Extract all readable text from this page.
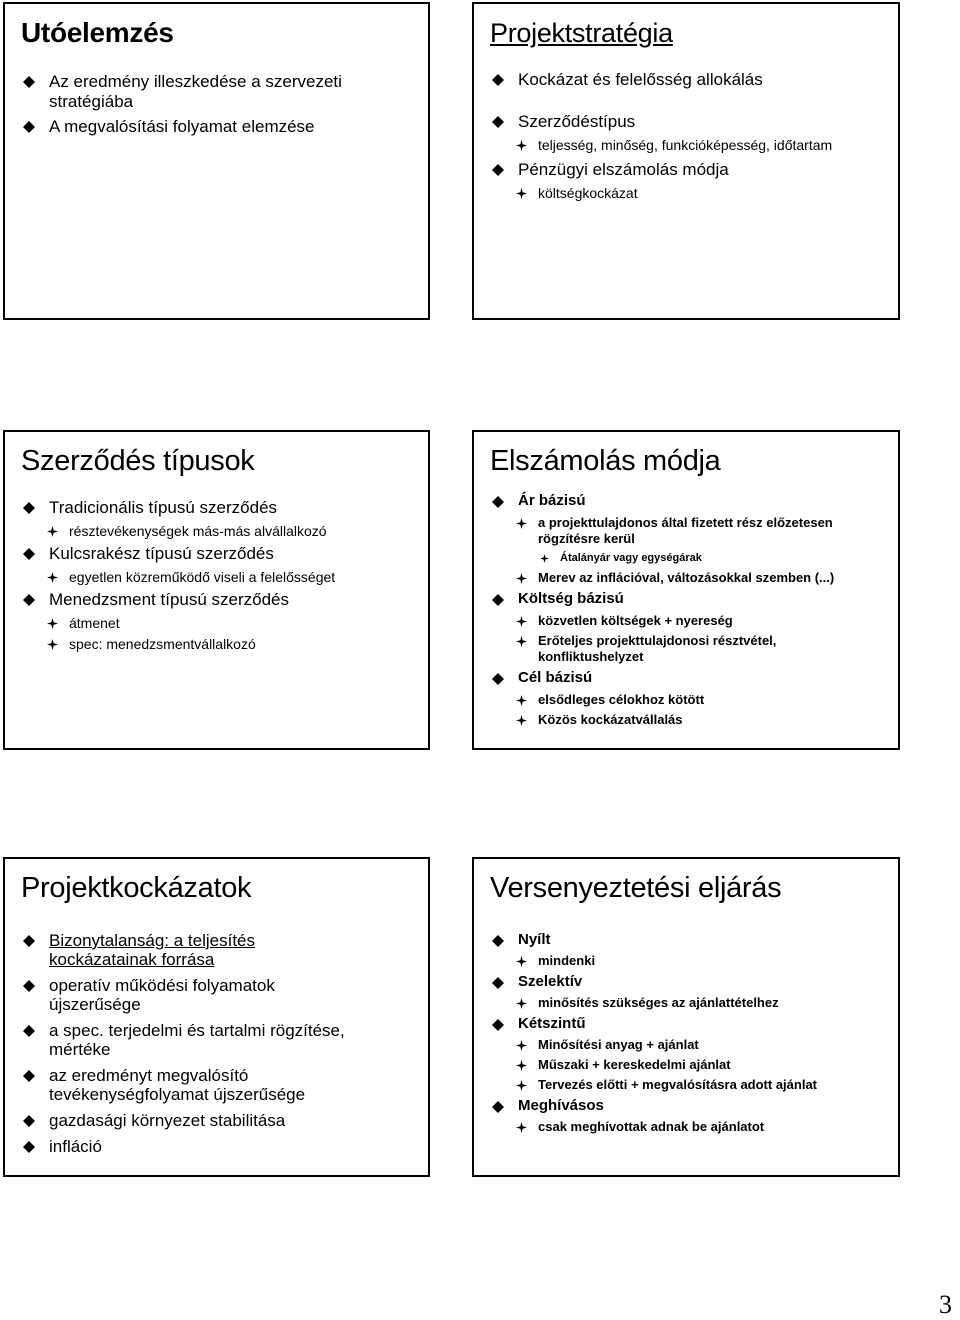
Utóelemzés
Az eredmény illeszkedése a szervezeti stratégiába
A megvalósítási folyamat elemzése
Projektstratégia
Kockázat és felelősség allokálás
Szerződéstípus
teljesség, minőség, funkcióképesség, időtartam
Pénzügyi elszámolás módja
költségkockázat
Szerződés típusok
Tradicionális típusú szerződés
résztevékenységek más-más alvállalkozó
Kulcsrakész típusú szerződés
egyetlen közreműködő viseli a felelősséget
Menedzsment típusú szerződés
átmenet
spec: menedzsmentvállalkozó
Elszámolás módja
Ár bázisú
a projekttulajdonos által fizetett rész előzetesen rögzítésre kerül
Átalányár vagy egységárak
Merev az inflációval, változásokkal szemben (...)
Költség bázisú
közvetlen költségek + nyereség
Erőteljes projekttulajdonosi résztvétel, konfliktushelyzet
Cél bázisú
elsődleges célokhoz kötött
Közös kockázatvállalás
Projektkockázatok
Bizonytalanság: a teljesítés kockázatainak forrása
operatív működési folyamatok újszerűsége
a spec. terjedelmi és tartalmi rögzítése, mértéke
az eredményt megvalósító tevékenységfolyamat újszerűsége
gazdasági környezet stabilitása
infláció
Versenyeztetési eljárás
Nyílt
mindenki
Szelektív
minősítés szükséges az ajánlattételhez
Kétszintű
Minősítési anyag + ajánlat
Műszaki + kereskedelmi ajánlat
Tervezés előtti + megvalósításra adott ajánlat
Meghívásos
csak meghívottak adnak be ajánlatot
3
